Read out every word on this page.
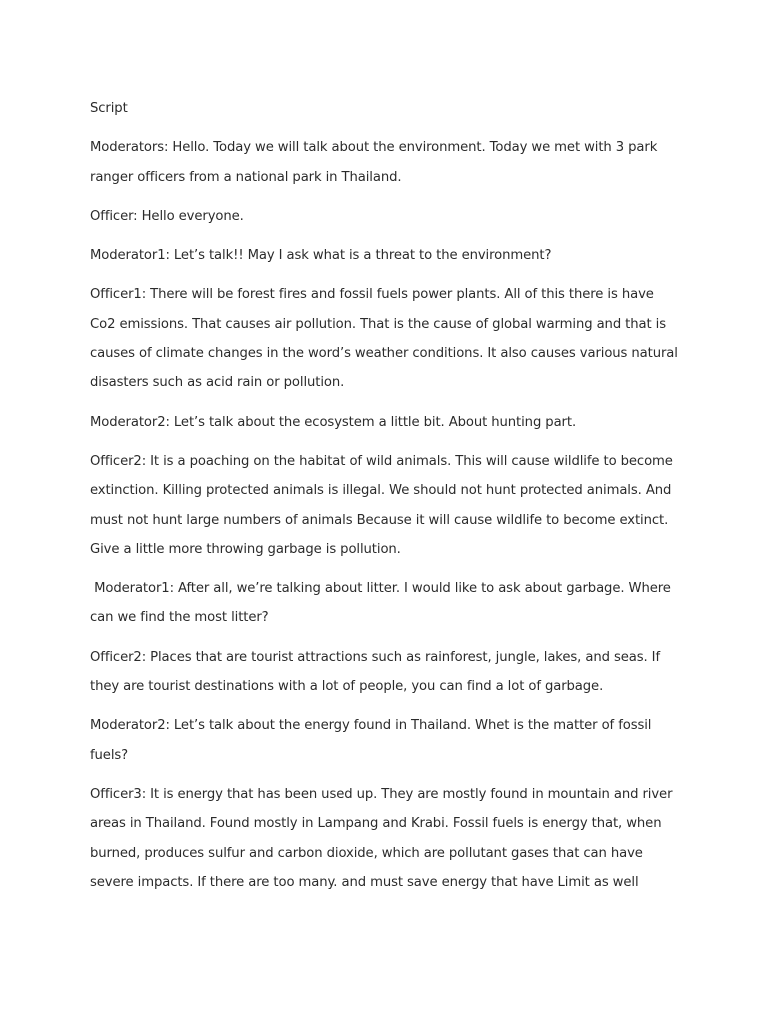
Script
Moderators: Hello. Today we will talk about the environment. Today we met with 3 park ranger officers from a national park in Thailand.
Officer: Hello everyone.
Moderator1: Let’s talk!! May I ask what is a threat to the environment?
Officer1: There will be forest fires and fossil fuels power plants. All of this there is have Co2 emissions. That causes air pollution. That is the cause of global warming and that is causes of climate changes in the word’s weather conditions. It also causes various natural disasters such as acid rain or pollution.
Moderator2: Let’s talk about the ecosystem a little bit. About hunting part.
Officer2: It is a poaching on the habitat of wild animals. This will cause wildlife to become extinction. Killing protected animals is illegal. We should not hunt protected animals. And must not hunt large numbers of animals Because it will cause wildlife to become extinct. Give a little more throwing garbage is pollution.
Moderator1: After all, we’re talking about litter. I would like to ask about garbage. Where can we find the most litter?
Officer2: Places that are tourist attractions such as rainforest, jungle, lakes, and seas. If they are tourist destinations with a lot of people, you can find a lot of garbage.
Moderator2: Let’s talk about the energy found in Thailand. Whet is the matter of fossil fuels?
Officer3: It is energy that has been used up. They are mostly found in mountain and river areas in Thailand. Found mostly in Lampang and Krabi. Fossil fuels is energy that, when burned, produces sulfur and carbon dioxide, which are pollutant gases that can have severe impacts. If there are too many. and must save energy that have Limit as well
